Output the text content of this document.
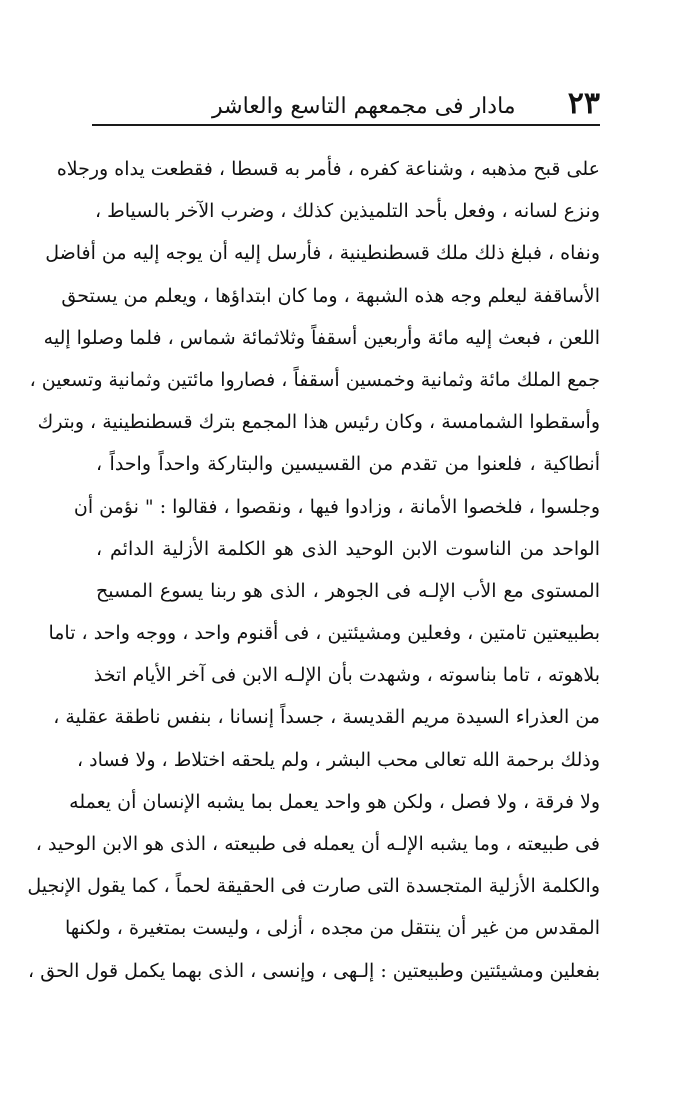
٢٣
مادار فى مجمعهم التاسع والعاشر
على قبح مذهبه ، وشناعة كفره ، فأمر به قسطا ، فقطعت يداه ورجلاه
ونزع لسانه ، وفعل بأحد التلميذين كذلك ، وضرب الآخر بالسياط ،
ونفاه ، فبلغ ذلك ملك قسطنطينية ، فأرسل إليه أن يوجه إليه من أفاضل
الأساقفة ليعلم وجه هذه الشبهة ، وما كان ابتداؤها ، ويعلم من يستحق
اللعن ، فبعث إليه مائة وأربعين أسقفاً وثلاثمائة شماس ، فلما وصلوا إليه
جمع الملك مائة وثمانية وخمسين أسقفاً ، فصاروا مائتين وثمانية وتسعين ،
وأسقطوا الشمامسة ، وكان رئيس هذا المجمع بترك قسطنطينية ، وبترك
أنطاكية ، فلعنوا من تقدم من القسيسين والبتاركة واحداً واحداً ،
وجلسوا ، فلخصوا الأمانة ، وزادوا فيها ، ونقصوا ، فقالوا : " نؤمن أن
الواحد من الناسوت الابن الوحيد الذى هو الكلمة الأزلية الدائم ،
المستوى مع الأب الإلـه فى الجوهر ، الذى هو ربنا يسوع المسيح
بطبيعتين تامتين ، وفعلين ومشيئتين ، فى أقنوم واحد ، ووجه واحد ، تاما
بلاهوته ، تاما بناسوته ، وشهدت بأن الإلـه الابن فى آخر الأيام اتخذ
من العذراء السيدة مريم القديسة ، جسداً إنسانا ، بنفس ناطقة عقلية ،
وذلك برحمة الله تعالى محب البشر ، ولم يلحقه اختلاط ، ولا فساد ،
ولا فرقة ، ولا فصل ، ولكن هو واحد يعمل بما يشبه الإنسان أن يعمله
فى طبيعته ، وما يشبه الإلـه أن يعمله فى طبيعته ، الذى هو الابن الوحيد ،
والكلمة الأزلية المتجسدة التى صارت فى الحقيقة لحماً ، كما يقول الإنجيل
المقدس من غير أن ينتقل من مجده ، أزلى ، وليست بمتغيرة ، ولكنها
بفعلين ومشيئتين وطبيعتين : إلـهى ، وإنسى ، الذى بهما يكمل قول الحق ،
